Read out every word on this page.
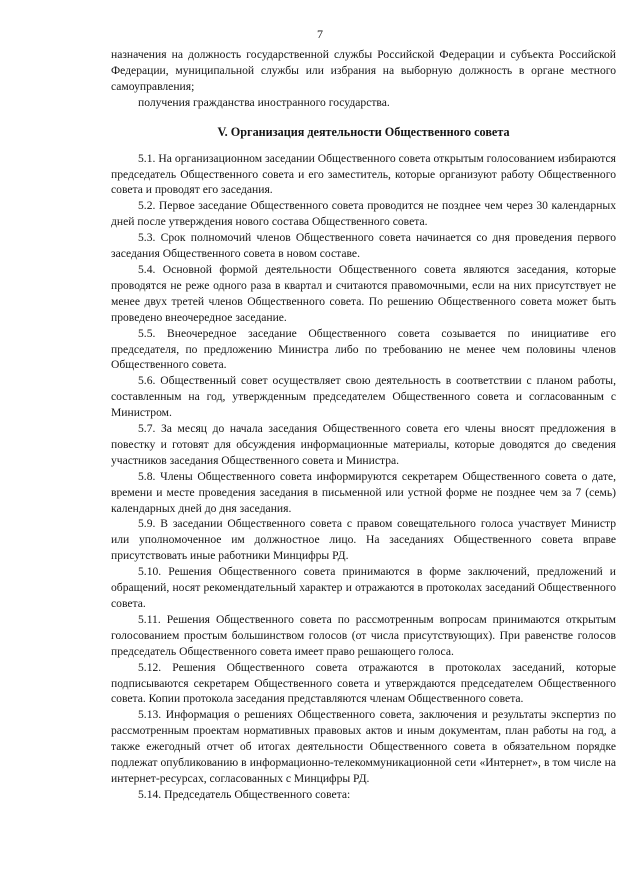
7

назначения на должность государственной службы Российской Федерации и субъекта Российской Федерации, муниципальной службы или избрания на выборную должность в органе местного самоуправления;

получения гражданства иностранного государства.

V. Организация деятельности Общественного совета

5.1. На организационном заседании Общественного совета открытым голосованием избираются председатель Общественного совета и его заместитель, которые организуют работу Общественного совета и проводят его заседания.

5.2. Первое заседание Общественного совета проводится не позднее чем через 30 календарных дней после утверждения нового состава Общественного совета.

5.3. Срок полномочий членов Общественного совета начинается со дня проведения первого заседания Общественного совета в новом составе.

5.4. Основной формой деятельности Общественного совета являются заседания, которые проводятся не реже одного раза в квартал и считаются правомочными, если на них присутствует не менее двух третей членов Общественного совета. По решению Общественного совета может быть проведено внеочередное заседание.

5.5. Внеочередное заседание Общественного совета созывается по инициативе его председателя, по предложению Министра либо по требованию не менее чем половины членов Общественного совета.

5.6. Общественный совет осуществляет свою деятельность в соответствии с планом работы, составленным на год, утвержденным председателем Общественного совета и согласованным с Министром.

5.7. За месяц до начала заседания Общественного совета его члены вносят предложения в повестку и готовят для обсуждения информационные материалы, которые доводятся до сведения участников заседания Общественного совета и Министра.

5.8. Члены Общественного совета информируются секретарем Общественного совета о дате, времени и месте проведения заседания в письменной или устной форме не позднее чем за 7 (семь) календарных дней до дня заседания.

5.9. В заседании Общественного совета с правом совещательного голоса участвует Министр или уполномоченное им должностное лицо. На заседаниях Общественного совета вправе присутствовать иные работники Минцифры РД.

5.10. Решения Общественного совета принимаются в форме заключений, предложений и обращений, носят рекомендательный характер и отражаются в протоколах заседаний Общественного совета.

5.11. Решения Общественного совета по рассмотренным вопросам принимаются открытым голосованием простым большинством голосов (от числа присутствующих). При равенстве голосов председатель Общественного совета имеет право решающего голоса.

5.12. Решения Общественного совета отражаются в протоколах заседаний, которые подписываются секретарем Общественного совета и утверждаются председателем Общественного совета. Копии протокола заседания представляются членам Общественного совета.

5.13. Информация о решениях Общественного совета, заключения и результаты экспертиз по рассмотренным проектам нормативных правовых актов и иным документам, план работы на год, а также ежегодный отчет об итогах деятельности Общественного совета в обязательном порядке подлежат опубликованию в информационно-телекоммуникационной сети «Интернет», в том числе на интернет-ресурсах, согласованных с Минцифры РД.

5.14. Председатель Общественного совета:
